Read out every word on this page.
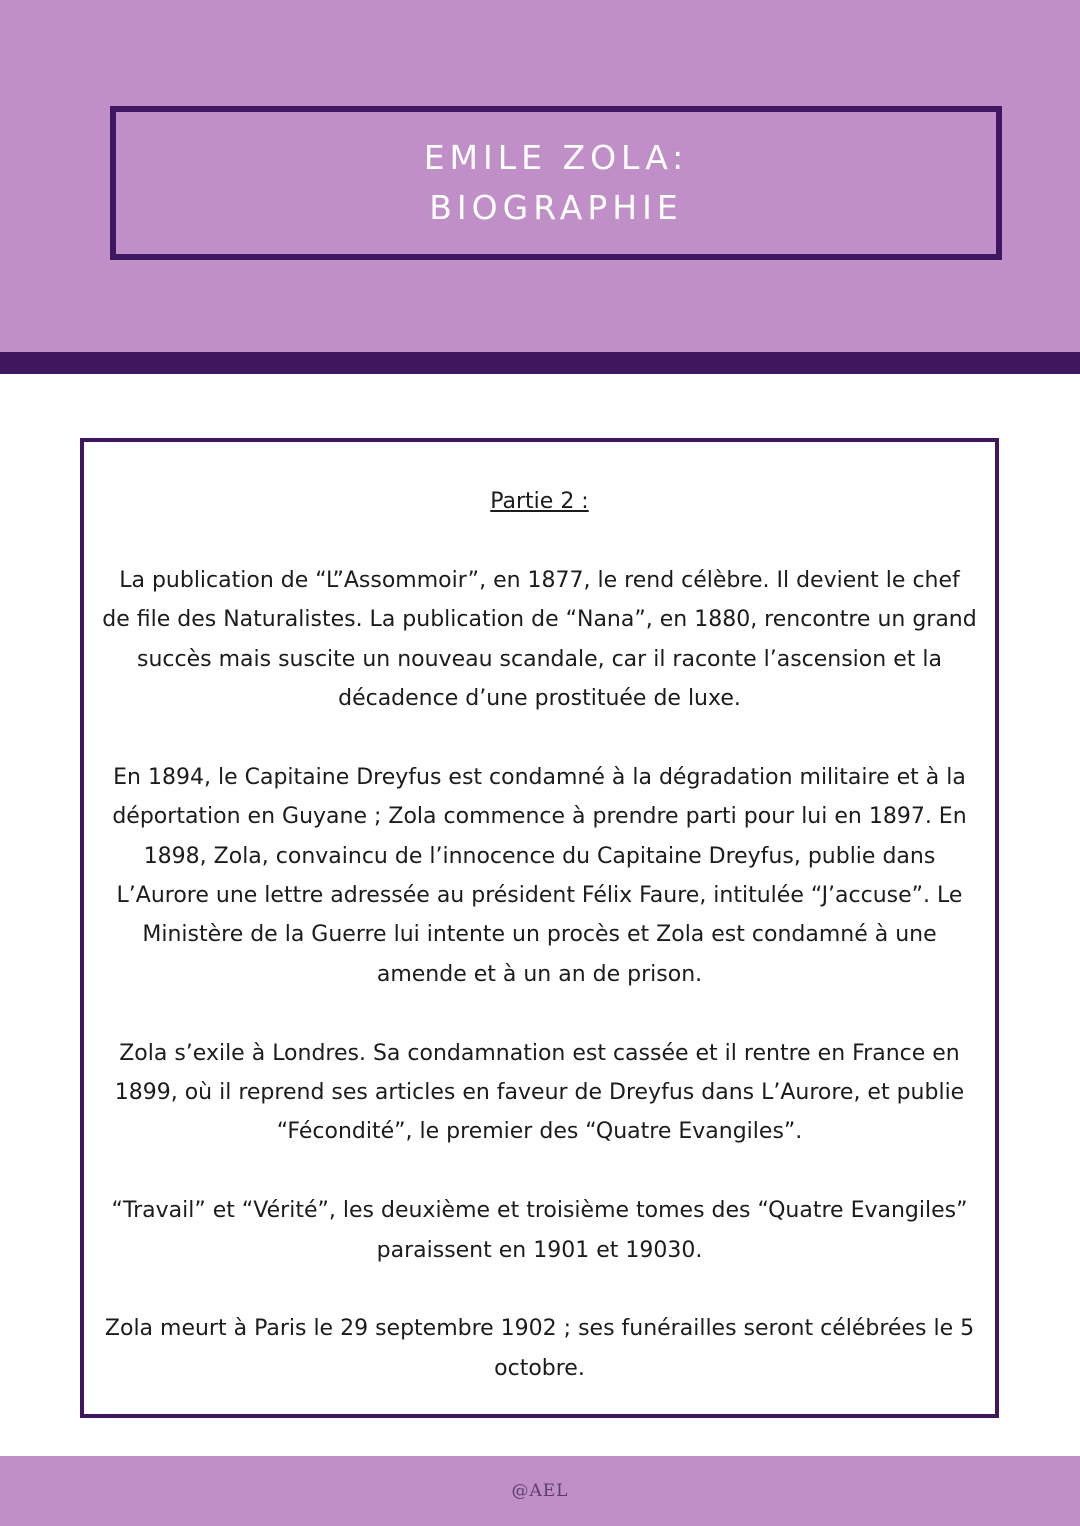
EMILE ZOLA:
BIOGRAPHIE

Partie 2 :

La publication de “L”Assommoir”, en 1877, le rend célèbre. Il devient le chef de file des Naturalistes. La publication de “Nana”, en 1880, rencontre un grand succès mais suscite un nouveau scandale, car il raconte l’ascension et la décadence d’une prostituée de luxe.

En 1894, le Capitaine Dreyfus est condamné à la dégradation militaire et à la déportation en Guyane ; Zola commence à prendre parti pour lui en 1897. En 1898, Zola, convaincu de l’innocence du Capitaine Dreyfus, publie dans L’Aurore une lettre adressée au président Félix Faure, intitulée “J’accuse”. Le Ministère de la Guerre lui intente un procès et Zola est condamné à une amende et à un an de prison.

Zola s’exile à Londres. Sa condamnation est cassée et il rentre en France en 1899, où il reprend ses articles en faveur de Dreyfus dans L’Aurore, et publie “Fécondité”, le premier des “Quatre Evangiles”.

“Travail” et “Vérité”, les deuxième et troisième tomes des “Quatre Evangiles” paraissent en 1901 et 19030.

Zola meurt à Paris le 29 septembre 1902 ; ses funérailles seront célébrées le 5 octobre.

@AEL
